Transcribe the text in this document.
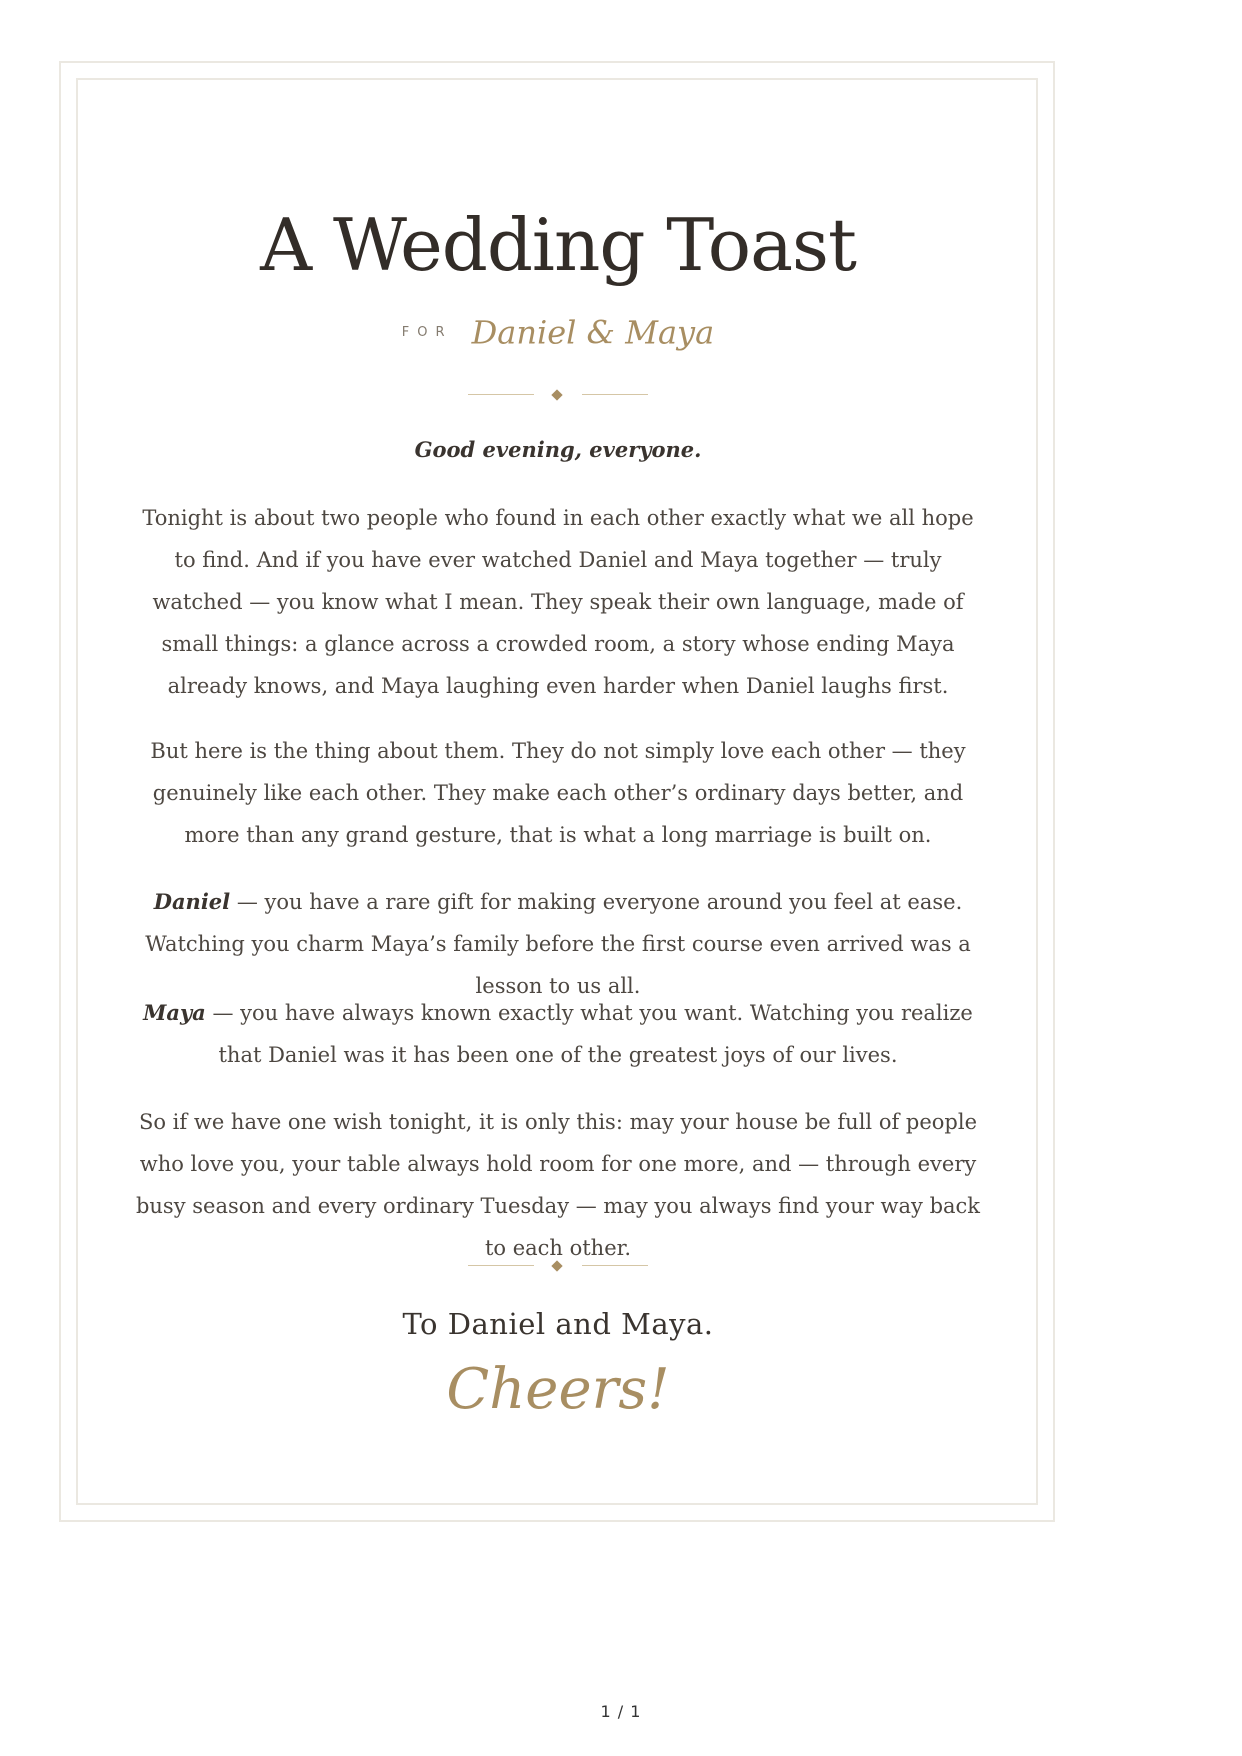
A Wedding Toast
FOR Daniel & Maya

Good evening, everyone.

Tonight is about two people who found in each other exactly what we all hope to find. And if you have ever watched Daniel and Maya together — truly watched — you know what I mean. They speak their own language, made of small things: a glance across a crowded room, a story whose ending Maya already knows, and Maya laughing even harder when Daniel laughs first.

But here is the thing about them. They do not simply love each other — they genuinely like each other. They make each other’s ordinary days better, and more than any grand gesture, that is what a long marriage is built on.

Daniel — you have a rare gift for making everyone around you feel at ease. Watching you charm Maya’s family before the first course even arrived was a lesson to us all.

Maya — you have always known exactly what you want. Watching you realize that Daniel was it has been one of the greatest joys of our lives.

So if we have one wish tonight, it is only this: may your house be full of people who love you, your table always hold room for one more, and — through every busy season and every ordinary Tuesday — may you always find your way back to each other.

To Daniel and Maya.

Cheers!

1 / 1
